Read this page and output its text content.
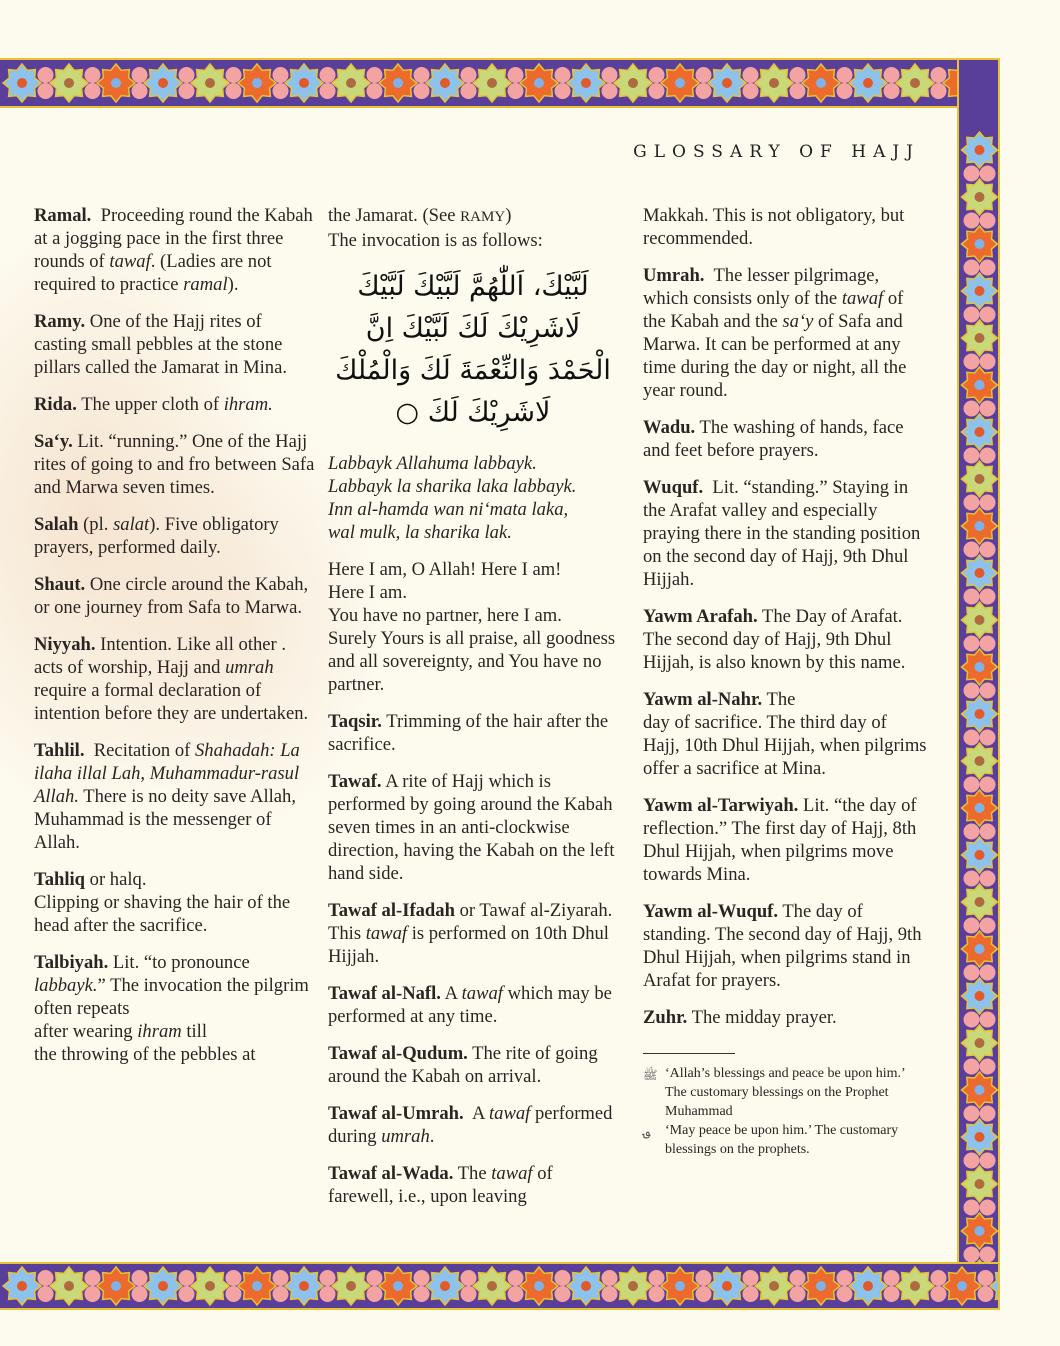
GLOSSARY OF HAJJ

Ramal. Proceeding round the Kabah at a jogging pace in the first three rounds of tawaf. (Ladies are not required to practice ramal).

Ramy. One of the Hajj rites of casting small pebbles at the stone pillars called the Jamarat in Mina.

Rida. The upper cloth of ihram.

Sa‘y. Lit. “running.” One of the Hajj rites of going to and fro between Safa and Marwa seven times.

Salah (pl. salat). Five obligatory prayers, performed daily.

Shaut. One circle around the Kabah, or one journey from Safa to Marwa.

Niyyah. Intention. Like all other . acts of worship, Hajj and umrah require a formal declaration of intention before they are undertaken.

Tahlil. Recitation of Shahadah: La ilaha illal Lah, Muhammadur-rasul Allah. There is no deity save Allah, Muhammad is the messenger of Allah.

Tahliq or halq.
Clipping or shaving the hair of the head after the sacrifice.

Talbiyah. Lit. “to pronounce labbayk.” The invocation the pilgrim often repeats
after wearing ihram till
the throwing of the pebbles at

the Jamarat. (See RAMY)
The invocation is as follows:
لَبَّيْكَ، اَللّٰهُمَّ لَبَّيْكَ لَبَّيْكَ
لَاشَرِيْكَ لَكَ لَبَّيْكَ اِنَّ
الْحَمْدَ وَالنِّعْمَةَ لَكَ وَالْمُلْكَ
لَاشَرِيْكَ لَكَ ○
Labbayk Allahuma labbayk.
Labbayk la sharika laka labbayk.
Inn al-hamda wan ni‘mata laka,
wal mulk, la sharika lak.
Here I am, O Allah! Here I am!
Here I am.
You have no partner, here I am.
Surely Yours is all praise, all goodness and all sovereignty, and You have no partner.

Taqsir. Trimming of the hair after the sacrifice.

Tawaf. A rite of Hajj which is performed by going around the Kabah seven times in an anti-clockwise direction, having the Kabah on the left hand side.

Tawaf al-Ifadah or Tawaf al-Ziyarah. This tawaf is performed on 10th Dhul Hijjah.

Tawaf al-Nafl. A tawaf which may be performed at any time.

Tawaf al-Qudum. The rite of going around the Kabah on arrival.

Tawaf al-Umrah. A tawaf performed during umrah.

Tawaf al-Wada. The tawaf of farewell, i.e., upon leaving

Makkah. This is not obligatory, but recommended.

Umrah. The lesser pilgrimage, which consists only of the tawaf of the Kabah and the sa‘y of Safa and Marwa. It can be performed at any time during the day or night, all the year round.

Wadu. The washing of hands, face and feet before prayers.

Wuquf. Lit. “standing.” Staying in the Arafat valley and especially praying there in the standing position on the second day of Hajj, 9th Dhul Hijjah.

Yawm Arafah. The Day of Arafat. The second day of Hajj, 9th Dhul Hijjah, is also known by this name.

Yawm al-Nahr. The
day of sacrifice. The third day of Hajj, 10th Dhul Hijjah, when pilgrims offer a sacrifice at Mina.

Yawm al-Tarwiyah. Lit. “the day of reflection.” The first day of Hajj, 8th Dhul Hijjah, when pilgrims move towards Mina.

Yawm al-Wuquf. The day of standing. The second day of Hajj, 9th Dhul Hijjah, when pilgrims stand in Arafat for prayers.

Zuhr. The midday prayer.

ﷺ ‘Allah’s blessings and peace be upon him.’ The customary blessings on the Prophet Muhammad
؈	‘May peace be upon him.’ The customary blessings on the prophets.
